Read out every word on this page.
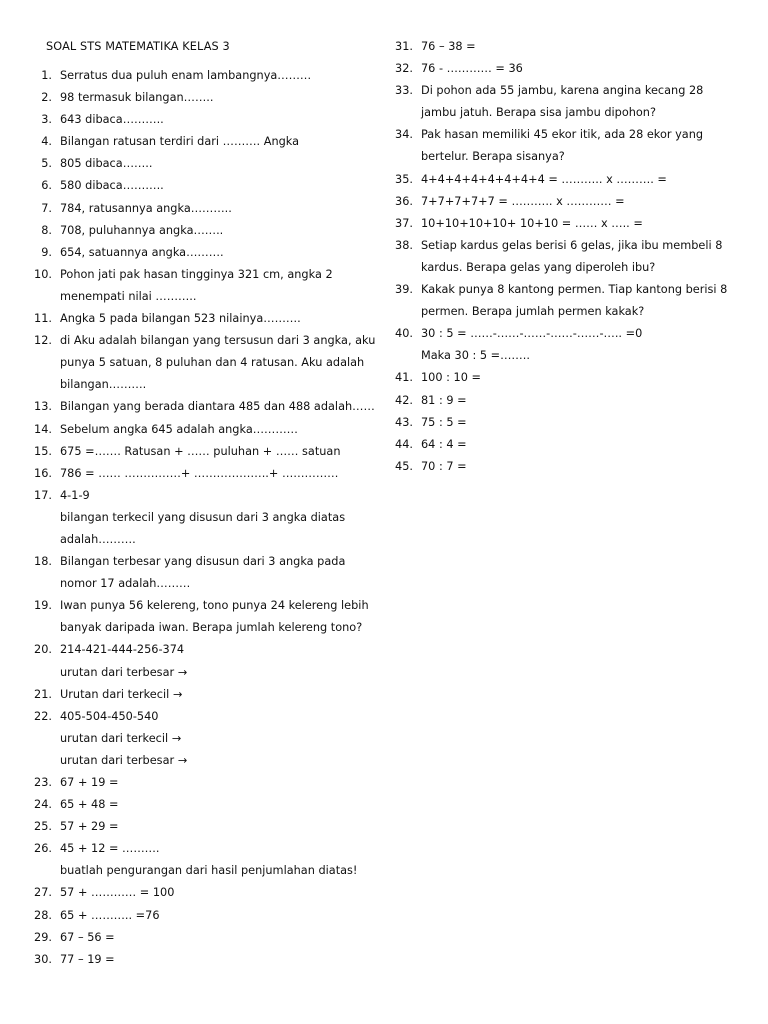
SOAL STS MATEMATIKA KELAS 3
1. Serratus dua puluh enam lambangnya………
2. 98 termasuk bilangan……..
3. 643 dibaca………..
4. Bilangan ratusan terdiri dari ………. Angka
5. 805 dibaca……..
6. 580 dibaca………..
7. 784, ratusannya angka………..
8. 708, puluhannya angka……..
9. 654, satuannya angka……….
10. Pohon jati pak hasan tingginya 321 cm, angka 2
menempati nilai ………..
11. Angka 5 pada bilangan 523 nilainya……….
12. di Aku adalah bilangan yang tersusun dari 3 angka, aku
punya 5 satuan, 8 puluhan dan 4 ratusan. Aku adalah
bilangan……….
13. Bilangan yang berada diantara 485 dan 488 adalah……
14. Sebelum angka 645 adalah angka…………
15. 675 =……. Ratusan + …… puluhan + …… satuan
16. 786 = …… ……………+ ………………..+ ……………
17. 4-1-9
bilangan terkecil yang disusun dari 3 angka diatas
adalah……….
18. Bilangan terbesar yang disusun dari 3 angka pada
nomor 17 adalah………
19. Iwan punya 56 kelereng, tono punya 24 kelereng lebih
banyak daripada iwan. Berapa jumlah kelereng tono?
20. 214-421-444-256-374
urutan dari terbesar →
21. Urutan dari terkecil →
22. 405-504-450-540
urutan dari terkecil →
urutan dari terbesar →
23. 67 + 19 =
24. 65 + 48 =
25. 57 + 29 =
26. 45 + 12 = ……….
buatlah pengurangan dari hasil penjumlahan diatas!
27. 57 + ………… = 100
28. 65 + ……….. =76
29. 67 – 56 =
30. 77 – 19 =
31. 76 – 38 =
32. 76 - ………… = 36
33. Di pohon ada 55 jambu, karena angina kecang 28
jambu jatuh. Berapa sisa jambu dipohon?
34. Pak hasan memiliki 45 ekor itik, ada 28 ekor yang
bertelur. Berapa sisanya?
35. 4+4+4+4+4+4+4+4 = ……….. x ………. =
36. 7+7+7+7+7 = ……….. x ………… =
37. 10+10+10+10+ 10+10 = …… x ….. =
38. Setiap kardus gelas berisi 6 gelas, jika ibu membeli 8
kardus. Berapa gelas yang diperoleh ibu?
39. Kakak punya 8 kantong permen. Tiap kantong berisi 8
permen. Berapa jumlah permen kakak?
40. 30 : 5 = ……-……-……-……-……-….. =0
Maka 30 : 5 =……..
41. 100 : 10 =
42. 81 : 9 =
43. 75 : 5 =
44. 64 : 4 =
45. 70 : 7 =
